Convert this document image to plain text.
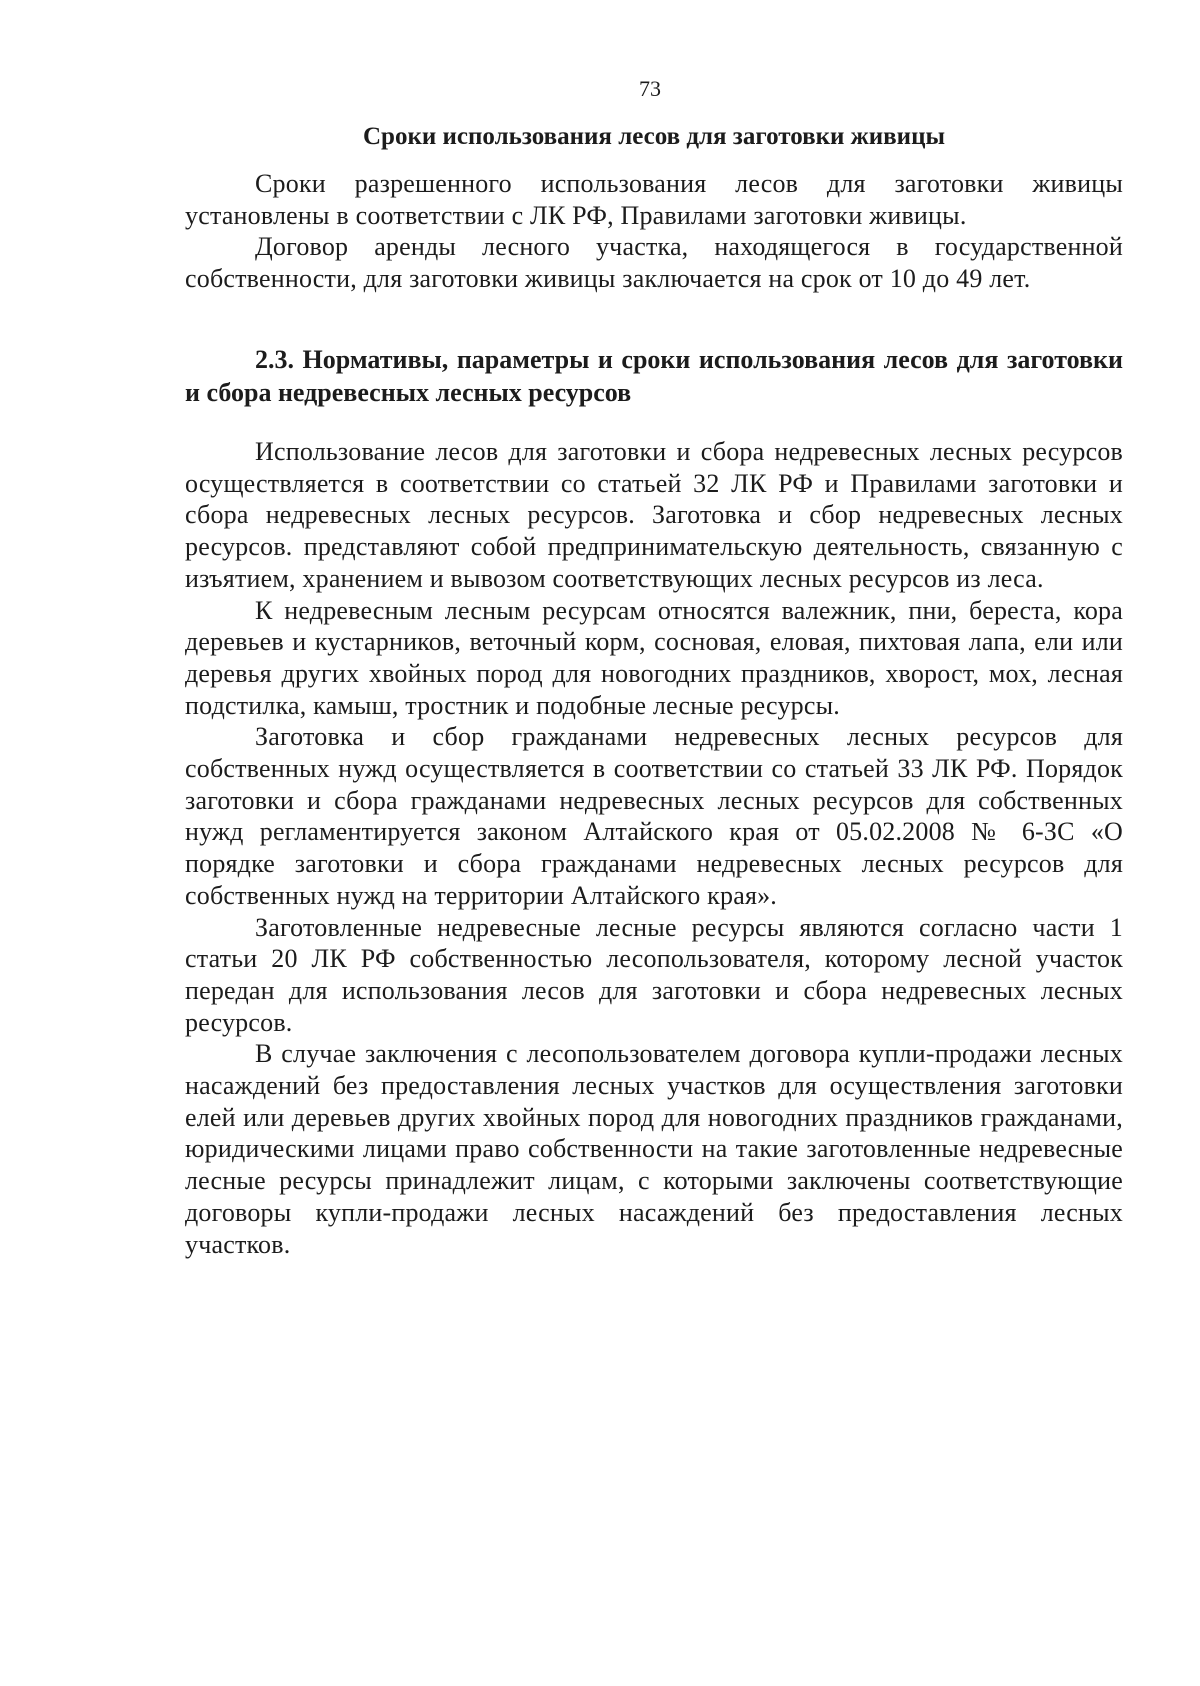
73
Сроки использования лесов для заготовки живицы

Сроки разрешенного использования лесов для заготовки живицы установлены в соответствии с ЛК РФ, Правилами заготовки живицы.

Договор аренды лесного участка, находящегося в государственной собственности, для заготовки живицы заключается на срок от 10 до 49 лет.

2.3. Нормативы, параметры и сроки использования лесов для заготовки и сбора недревесных лесных ресурсов

Использование лесов для заготовки и сбора недревесных лесных ресурсов осуществляется в соответствии со статьей 32 ЛК РФ и Правилами заготовки и сбора недревесных лесных ресурсов. Заготовка и сбор недревесных лесных ресурсов. представляют собой предпринимательскую деятельность, связанную с изъятием, хранением и вывозом соответствующих лесных ресурсов из леса.

К недревесным лесным ресурсам относятся валежник, пни, береста, кора деревьев и кустарников, веточный корм, сосновая, еловая, пихтовая лапа, ели или деревья других хвойных пород для новогодних праздников, хворост, мох, лесная подстилка, камыш, тростник и подобные лесные ресурсы.

Заготовка и сбор гражданами недревесных лесных ресурсов для собственных нужд осуществляется в соответствии со статьей 33 ЛК РФ. Порядок заготовки и сбора гражданами недревесных лесных ресурсов для собственных нужд регламентируется законом Алтайского края от 05.02.2008 № 6-ЗС «О порядке заготовки и сбора гражданами недревесных лесных ресурсов для собственных нужд на территории Алтайского края».

Заготовленные недревесные лесные ресурсы являются согласно части 1 статьи 20 ЛК РФ собственностью лесопользователя, которому лесной участок передан для использования лесов для заготовки и сбора недревесных лесных ресурсов.

В случае заключения с лесопользователем договора купли-продажи лесных насаждений без предоставления лесных участков для осуществления заготовки елей или деревьев других хвойных пород для новогодних праздников гражданами, юридическими лицами право собственности на такие заготовленные недревесные лесные ресурсы принадлежит лицам, с которыми заключены соответствующие договоры купли-продажи лесных насаждений без предоставления лесных участков.
